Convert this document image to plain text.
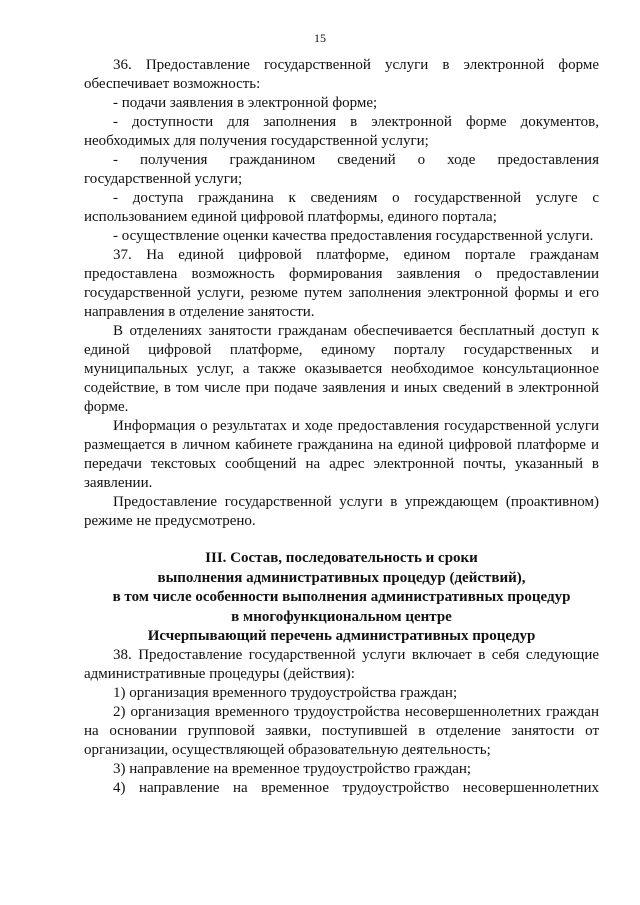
15

36. Предоставление государственной услуги в электронной форме обеспечивает возможность:

- подачи заявления в электронной форме;

- доступности для заполнения в электронной форме документов, необходимых для получения государственной услуги;

- получения гражданином сведений о ходе предоставления государственной услуги;

- доступа гражданина к сведениям о государственной услуге с использованием единой цифровой платформы, единого портала;

- осуществление оценки качества предоставления государственной услуги.

37. На единой цифровой платформе, едином портале гражданам предоставлена возможность формирования заявления о предоставлении государственной услуги, резюме путем заполнения электронной формы и его направления в отделение занятости.

В отделениях занятости гражданам обеспечивается бесплатный доступ к единой цифровой платформе, единому порталу государственных и муниципальных услуг, а также оказывается необходимое консультационное содействие, в том числе при подаче заявления и иных сведений в электронной форме.

Информация о результатах и ходе предоставления государственной услуги размещается в личном кабинете гражданина на единой цифровой платформе и передачи текстовых сообщений на адрес электронной почты, указанный в заявлении.

Предоставление государственной услуги в упреждающем (проактивном) режиме не предусмотрено.

III. Состав, последовательность и сроки

выполнения административных процедур (действий),

в том числе особенности выполнения административных процедур

в многофункциональном центре

Исчерпывающий перечень административных процедур

38. Предоставление государственной услуги включает в себя следующие административные процедуры (действия):

1) организация временного трудоустройства граждан;

2) организация временного трудоустройства несовершеннолетних граждан на основании групповой заявки, поступившей в отделение занятости от организации, осуществляющей образовательную деятельность;

3) направление на временное трудоустройство граждан;

4) направление на временное трудоустройство несовершеннолетних
